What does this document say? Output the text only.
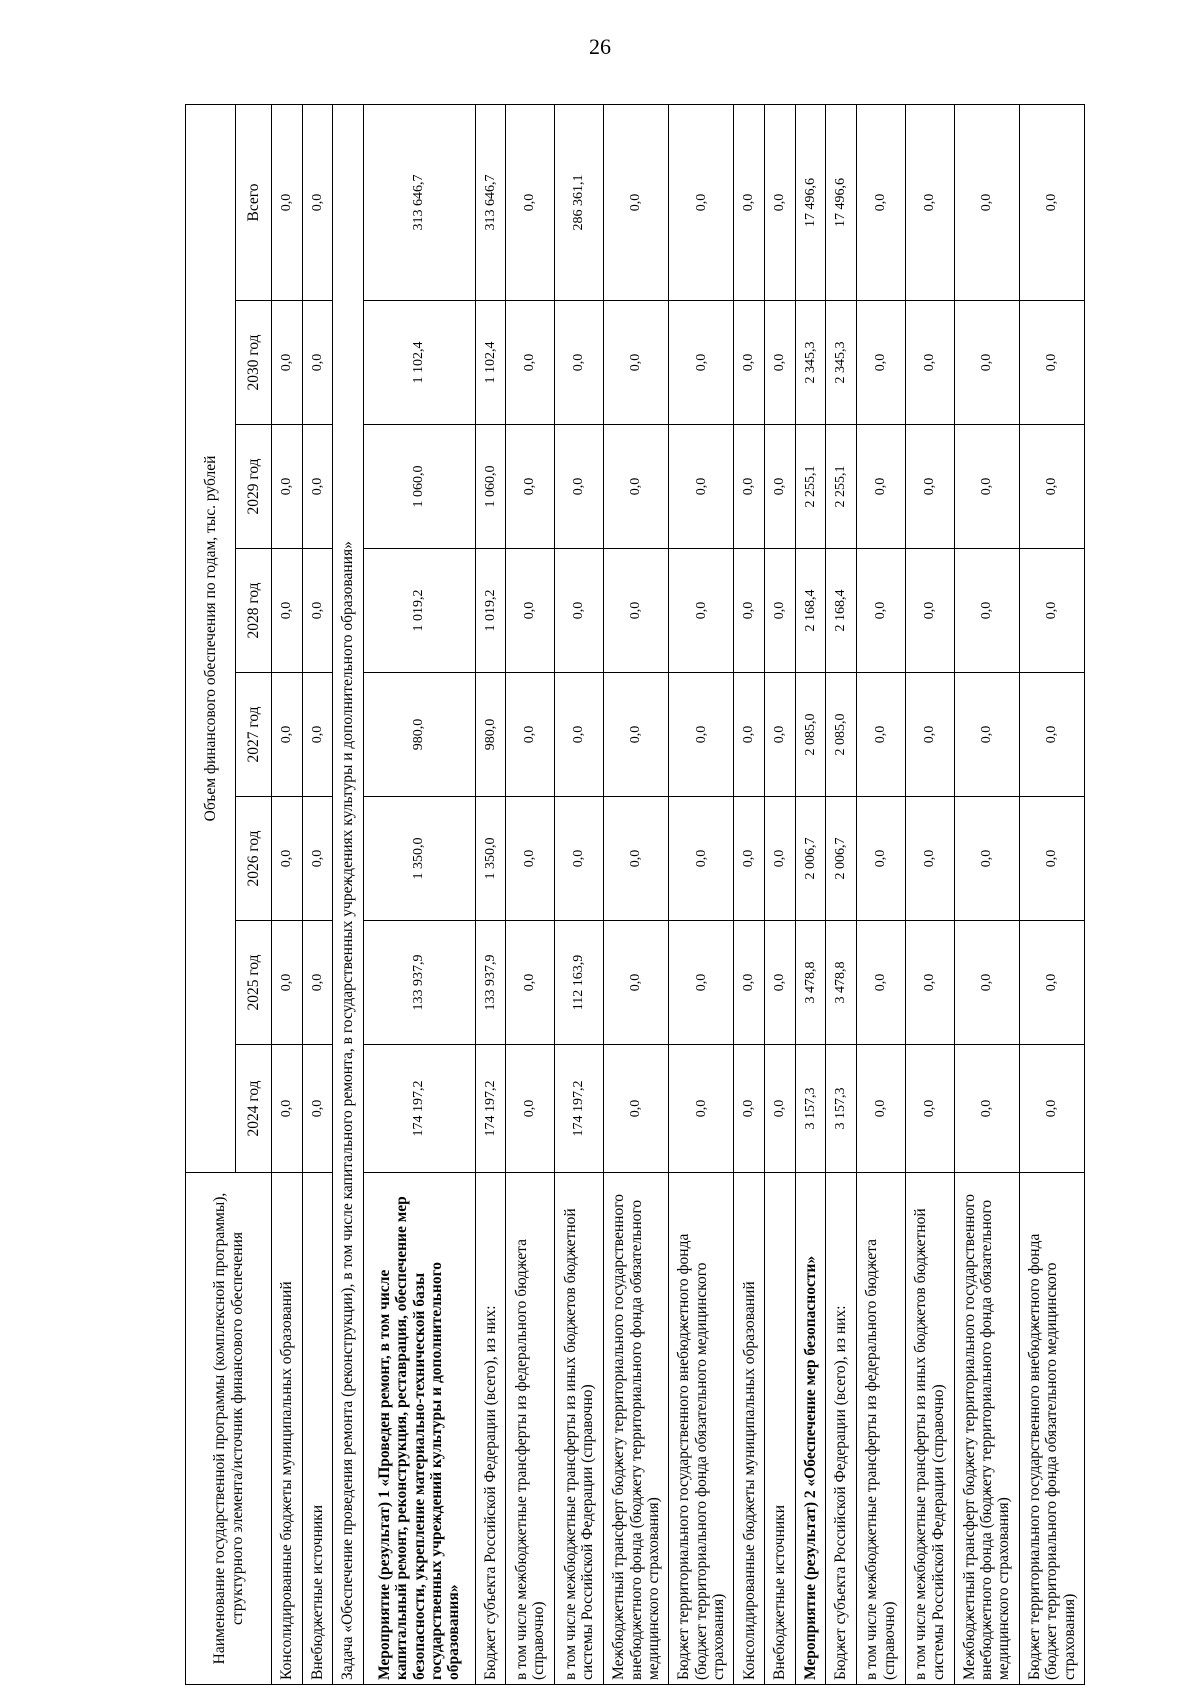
26
Наименование государственной программы (комплексной программы), структурного элемента/источник финансового обеспечения	Объем финансового обеспечения по годам, тыс. рублей							
	2024 год	2025 год	2026 год	2027 год	2028 год	2029 год	2030 год	Всего
Консолидированные бюджеты муниципальных образований	0,0	0,0	0,0	0,0	0,0	0,0	0,0	0,0
Внебюджетные источники	0,0	0,0	0,0	0,0	0,0	0,0	0,0	0,0
Задача «Обеспечение проведения ремонта (реконструкции), в том числе капитального ремонта, в государственных учреждениях культуры и дополнительного образования»								
Мероприятие (результат) 1 «Проведен ремонт, в том числе капитальный ремонт, реконструкция, реставрация, обеспечение мер безопасности, укрепление материально-технической базы государственных учреждений культуры и дополнительного образования»	174 197,2	133 937,9	1 350,0	980,0	1 019,2	1 060,0	1 102,4	313 646,7
Бюджет субъекта Российской Федерации (всего), из них:	174 197,2	133 937,9	1 350,0	980,0	1 019,2	1 060,0	1 102,4	313 646,7
в том числе межбюджетные трансферты из федерального бюджета (справочно)	0,0	0,0	0,0	0,0	0,0	0,0	0,0	0,0
в том числе межбюджетные трансферты из иных бюджетов бюджетной системы Российской Федерации (справочно)	174 197,2	112 163,9	0,0	0,0	0,0	0,0	0,0	286 361,1
Межбюджетный трансферт бюджету территориального государственного внебюджетного фонда (бюджету территориального фонда обязательного медицинского страхования)	0,0	0,0	0,0	0,0	0,0	0,0	0,0	0,0
Бюджет территориального государственного внебюджетного фонда (бюджет территориального фонда обязательного медицинского страхования)	0,0	0,0	0,0	0,0	0,0	0,0	0,0	0,0
Консолидированные бюджеты муниципальных образований	0,0	0,0	0,0	0,0	0,0	0,0	0,0	0,0
Внебюджетные источники	0,0	0,0	0,0	0,0	0,0	0,0	0,0	0,0
Мероприятие (результат) 2 «Обеспечение мер безопасности»	3 157,3	3 478,8	2 006,7	2 085,0	2 168,4	2 255,1	2 345,3	17 496,6
Бюджет субъекта Российской Федерации (всего), из них:	3 157,3	3 478,8	2 006,7	2 085,0	2 168,4	2 255,1	2 345,3	17 496,6
в том числе межбюджетные трансферты из федерального бюджета (справочно)	0,0	0,0	0,0	0,0	0,0	0,0	0,0	0,0
в том числе межбюджетные трансферты из иных бюджетов бюджетной системы Российской Федерации (справочно)	0,0	0,0	0,0	0,0	0,0	0,0	0,0	0,0
Межбюджетный трансферт бюджету территориального государственного внебюджетного фонда (бюджету территориального фонда обязательного медицинского страхования)	0,0	0,0	0,0	0,0	0,0	0,0	0,0	0,0
Бюджет территориального государственного внебюджетного фонда (бюджет территориального фонда обязательного медицинского страхования)	0,0	0,0	0,0	0,0	0,0	0,0	0,0	0,0
